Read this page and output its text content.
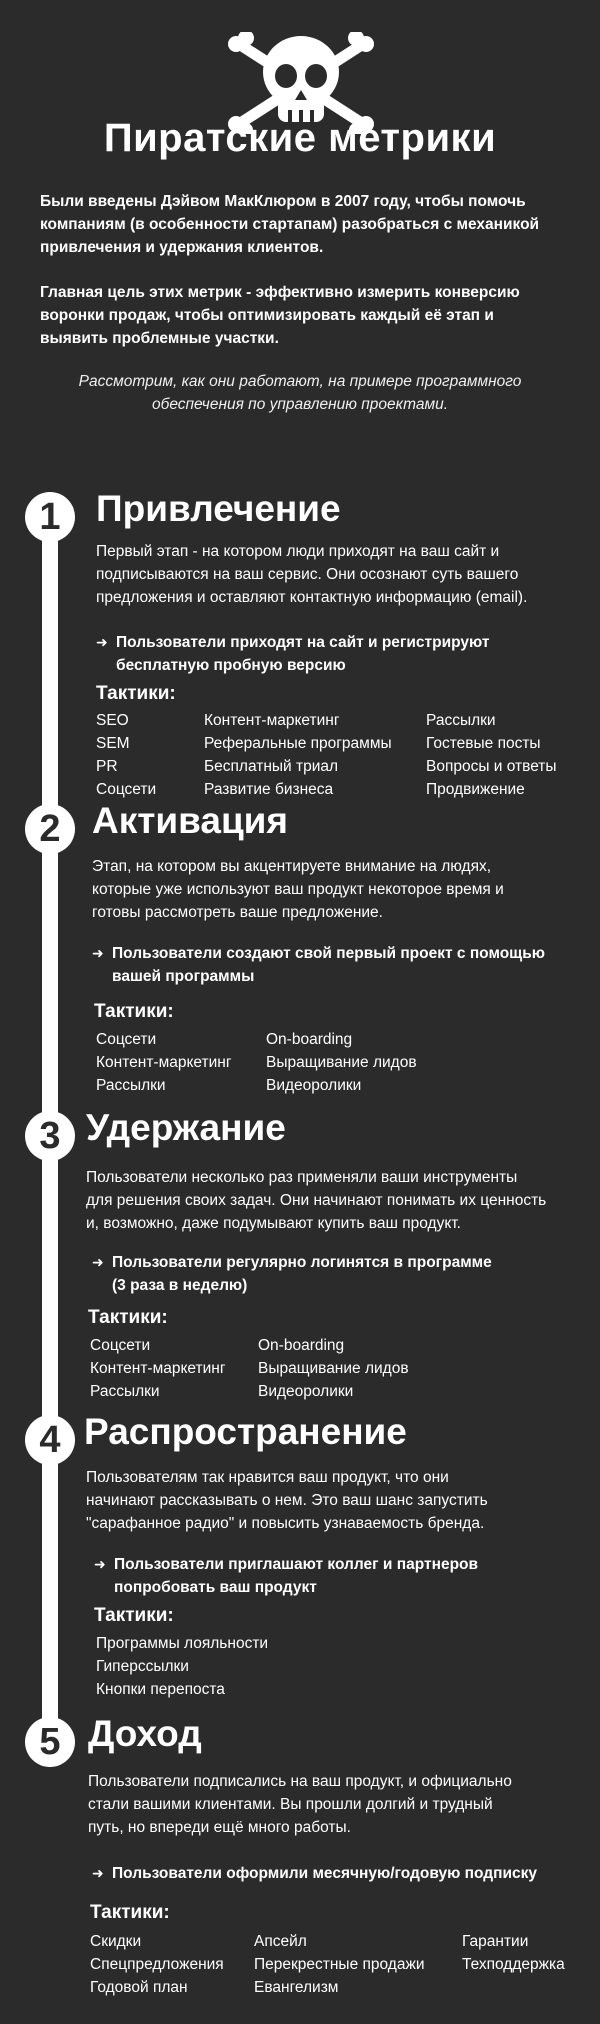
Пиратские метрики
Были введены Дэйвом МакКлюром в 2007 году, чтобы помочь
компаниям (в особенности стартапам) разобраться с механикой
привлечения и удержания клиентов.
Главная цель этих метрик - эффективно измерить конверсию
воронки продаж, чтобы оптимизировать каждый её этап и
выявить проблемные участки.
Рассмотрим, как они работают, на примере программного
обеспечения по управлению проектами.
1 Привлечение
Первый этап - на котором люди приходят на ваш сайт и
подписываются на ваш сервис. Они осознают суть вашего
предложения и оставляют контактную информацию (email).
➜ Пользователи приходят на сайт и регистрируют
бесплатную пробную версию
Тактики:
SEO
SEM
PR
Соцсети
Контент-маркетинг
Реферальные программы
Бесплатный триал
Развитие бизнеса
Рассылки
Гостевые посты
Вопросы и ответы
Продвижение
2 Активация
Этап, на котором вы акцентируете внимание на людях,
которые уже используют ваш продукт некоторое время и
готовы рассмотреть ваше предложение.
➜ Пользователи создают свой первый проект с помощью
вашей программы
Тактики:
Соцсети
Контент-маркетинг
Рассылки
On-boarding
Выращивание лидов
Видеоролики
3 Удержание
Пользователи несколько раз применяли ваши инструменты
для решения своих задач. Они начинают понимать их ценность
и, возможно, даже подумывают купить ваш продукт.
➜ Пользователи регулярно логинятся в программе
(3 раза в неделю)
Тактики:
Соцсети
Контент-маркетинг
Рассылки
On-boarding
Выращивание лидов
Видеоролики
4 Распространение
Пользователям так нравится ваш продукт, что они
начинают рассказывать о нем. Это ваш шанс запустить
"сарафанное радио" и повысить узнаваемость бренда.
➜ Пользователи приглашают коллег и партнеров
попробовать ваш продукт
Тактики:
Программы лояльности
Гиперссылки
Кнопки перепоста
5 Доход
Пользователи подписались на ваш продукт, и официально
стали вашими клиентами. Вы прошли долгий и трудный
путь, но впереди ещё много работы.
➜ Пользователи оформили месячную/годовую подписку
Тактики:
Скидки
Спецпредложения
Годовой план
Апсейл
Перекрестные продажи
Евангелизм
Гарантии
Техподдержка
